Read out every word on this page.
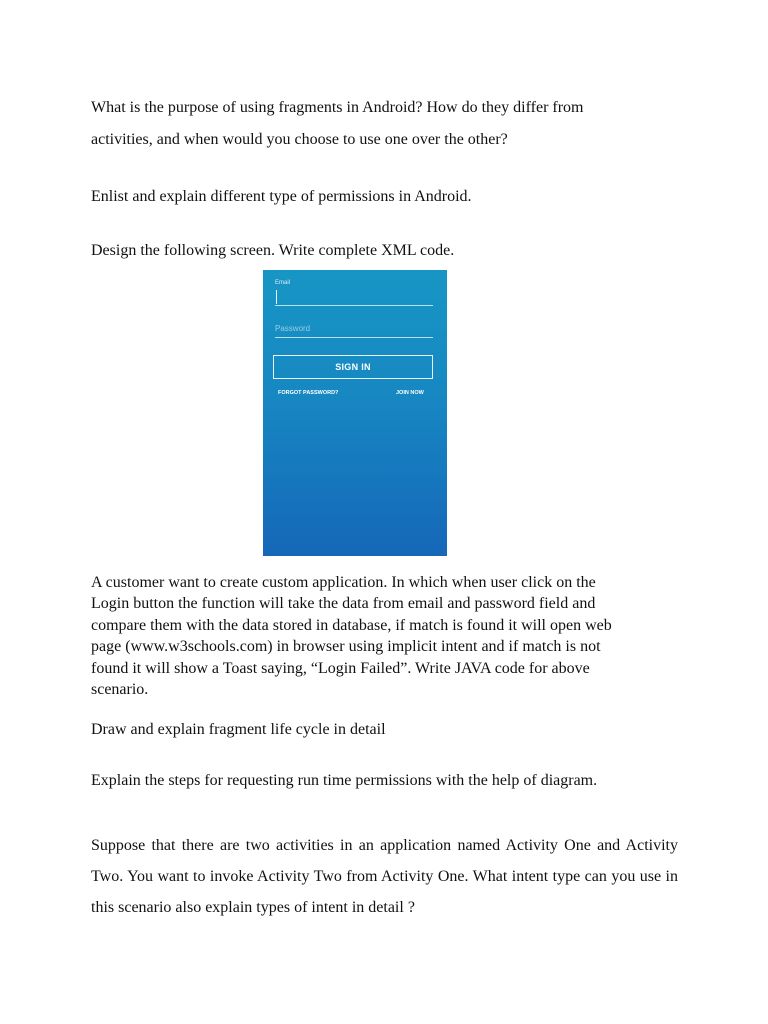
What is the purpose of using fragments in Android? How do they differ from
activities, and when would you choose to use one over the other?

Enlist and explain different type of permissions in Android.

Design the following screen. Write complete XML code.

Email
Password
SIGN IN
FORGOT PASSWORD?	JOIN NOW

A customer want to create custom application. In which when user click on the
Login button the function will take the data from email and password field and
compare them with the data stored in database, if match is found it will open web
page (www.w3schools.com) in browser using implicit intent and if match is not
found it will show a Toast saying, “Login Failed”. Write JAVA code for above
scenario.

Draw and explain fragment life cycle in detail

Explain the steps for requesting run time permissions with the help of diagram.

Suppose that there are two activities in an application named Activity One and Activity Two. You want to invoke Activity Two from Activity One. What intent type can you use in this scenario also explain types of intent in detail ?
